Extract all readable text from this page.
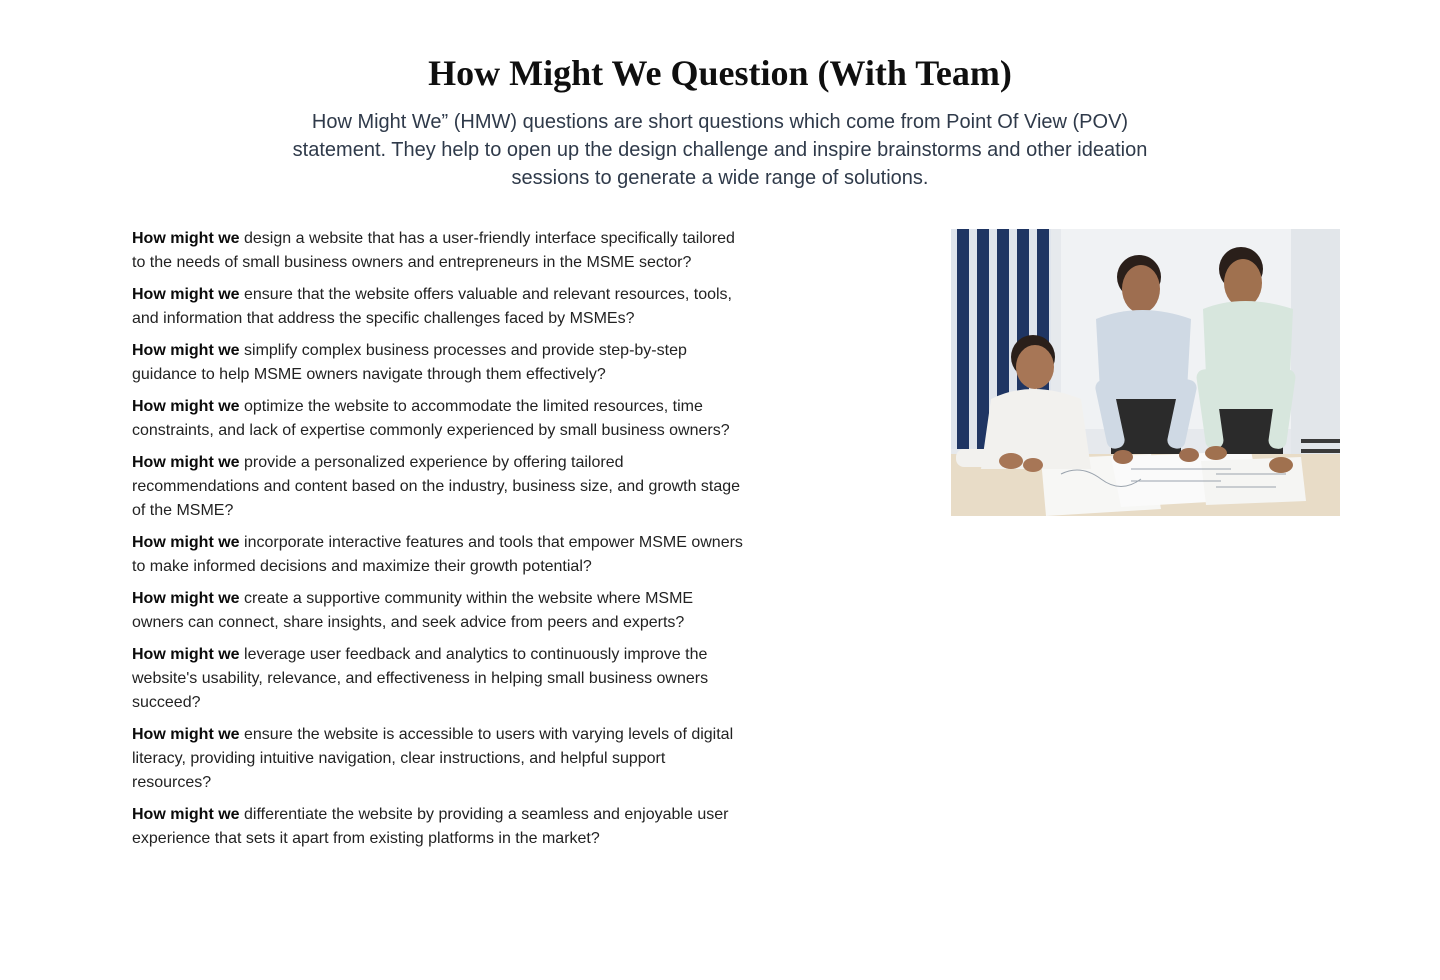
How Might We Question (With Team)

How Might We” (HMW) questions are short questions which come from Point Of View (POV) statement. They help to open up the design challenge and inspire brainstorms and other ideation sessions to generate a wide range of solutions.

How might we design a website that has a user-friendly interface specifically tailored to the needs of small business owners and entrepreneurs in the MSME sector?
How might we ensure that the website offers valuable and relevant resources, tools, and information that address the specific challenges faced by MSMEs?
How might we simplify complex business processes and provide step-by-step guidance to help MSME owners navigate through them effectively?
How might we optimize the website to accommodate the limited resources, time constraints, and lack of expertise commonly experienced by small business owners?
How might we provide a personalized experience by offering tailored recommendations and content based on the industry, business size, and growth stage of the MSME?
How might we incorporate interactive features and tools that empower MSME owners to make informed decisions and maximize their growth potential?
How might we create a supportive community within the website where MSME owners can connect, share insights, and seek advice from peers and experts?
How might we leverage user feedback and analytics to continuously improve the website's usability, relevance, and effectiveness in helping small business owners succeed?
How might we ensure the website is accessible to users with varying levels of digital literacy, providing intuitive navigation, clear instructions, and helpful support resources?
How might we differentiate the website by providing a seamless and enjoyable user experience that sets it apart from existing platforms in the market?
